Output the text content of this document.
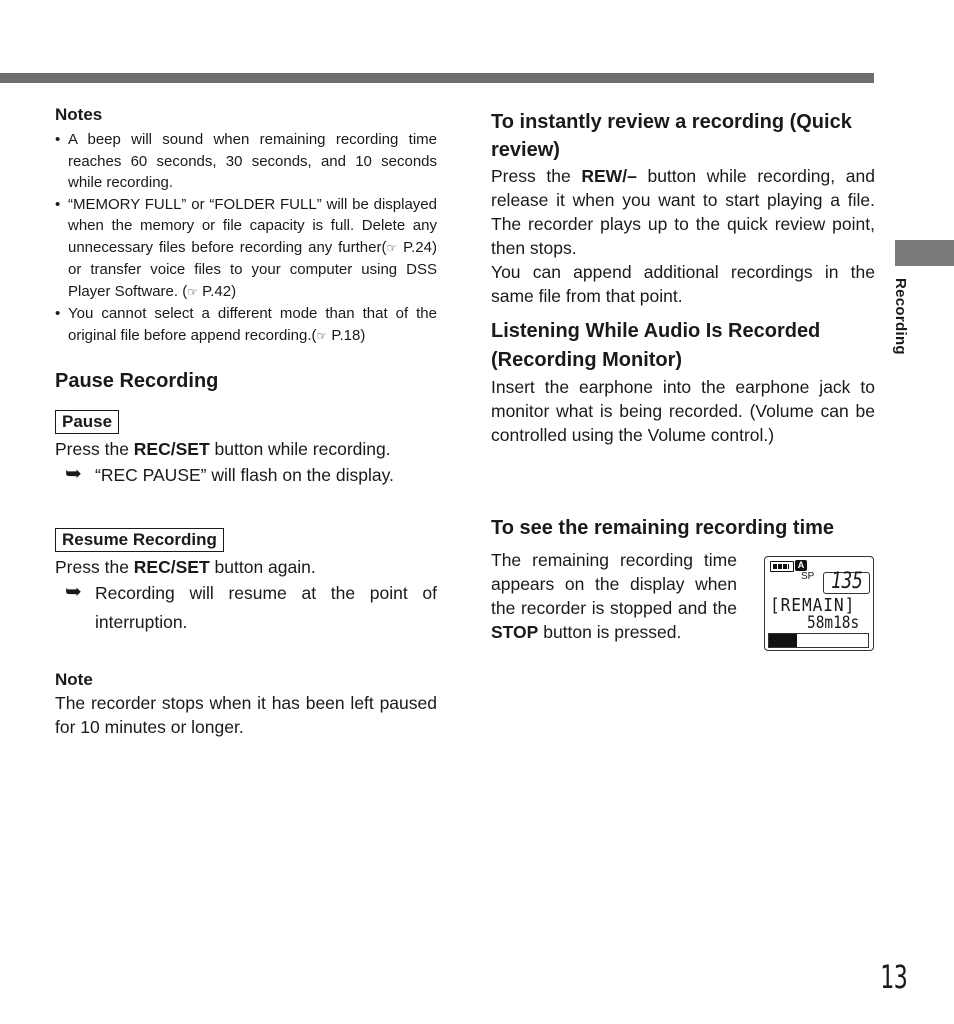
Recording
13

Notes

• A beep will sound when remaining recording time reaches 60 seconds, 30 seconds, and 10 seconds while recording.
• “MEMORY FULL” or “FOLDER FULL” will be displayed when the memory or file capacity is full. Delete any unnecessary files before recording any further(☞ P.24) or transfer voice files to your computer using DSS Player Software. (☞ P.42)
• You cannot select a different mode than that of the original file before append recording.(☞ P.18)

Pause Recording

Pause

Press the REC/SET button while recording.

➥ “REC PAUSE” will flash on the display.
Resume Recording

Press the REC/SET button again.

➥ Recording will resume at the point of interruption.

Note

The recorder stops when it has been left paused for 10 minutes or longer.

To instantly review a recording (Quick review)

Press the REW/– button while recording, and release it when you want to start playing a file. The recorder plays up to the quick review point, then stops.

You can append additional recordings in the same file from that point.

Listening While Audio Is Recorded (Recording Monitor)

Insert the earphone into the earphone jack to monitor what is being recorded. (Volume can be controlled using the Volume control.)

To see the remaining recording time

The remaining recording time appears on the display when the recorder is stopped and the STOP button is pressed.

A
SP 135
[REMAIN]
58m18s
